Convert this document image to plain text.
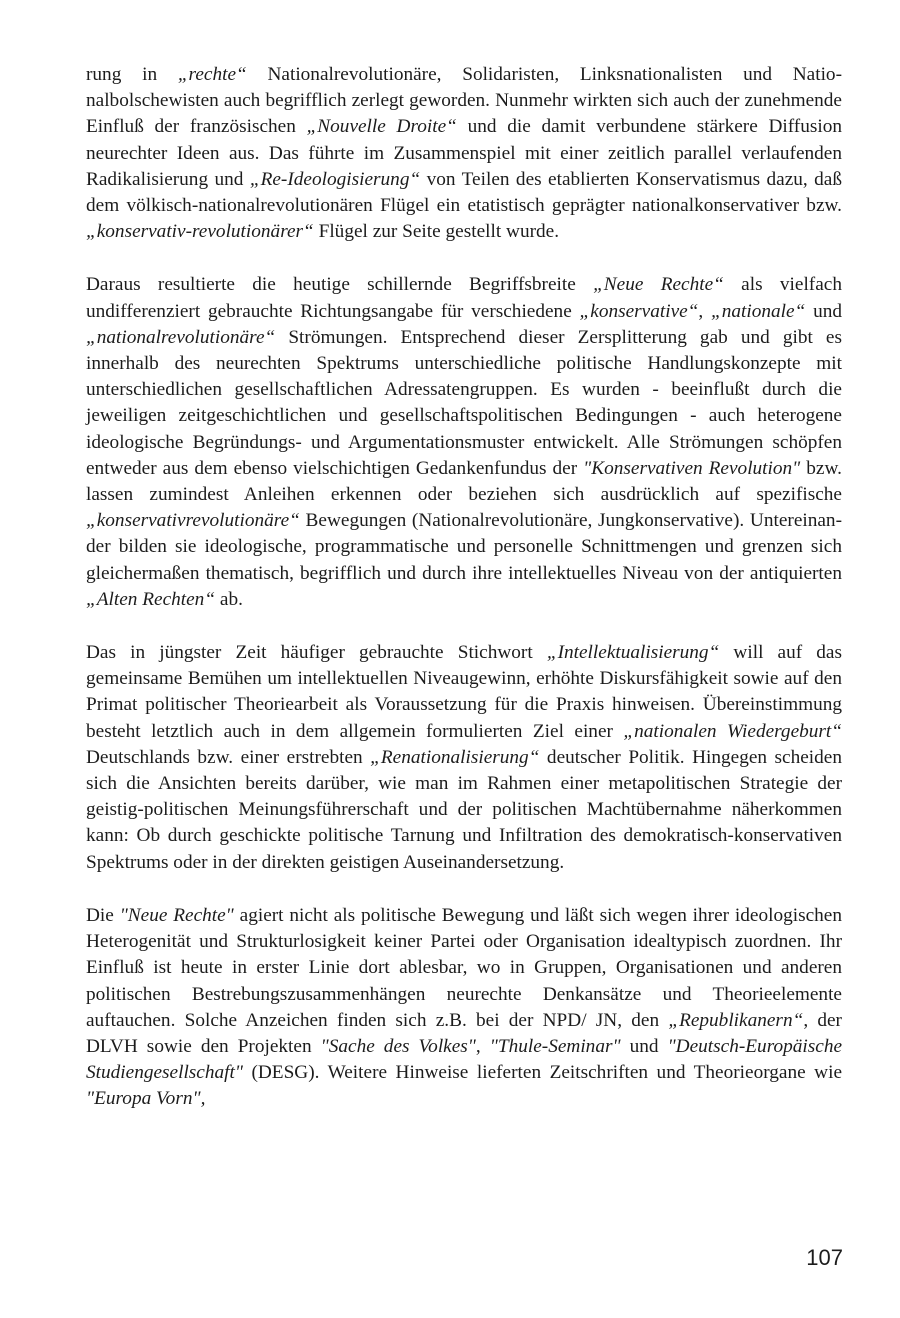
rung in „rechte“ Nationalrevolutionäre, Solidaristen, Linksnationalisten und Nationalbolschewisten auch begrifflich zerlegt geworden. Nunmehr wirkten sich auch der zunehmende Einfluß der französischen „Nouvelle Droite“ und die damit verbundene stärkere Diffusion neurechter Ideen aus. Das führte im Zusammenspiel mit einer zeitlich parallel verlaufenden Radikalisierung und „Re-Ideologisierung“ von Teilen des etablierten Konservatismus dazu, daß dem völkisch-nationalrevolutionären Flügel ein etatistisch geprägter nationalkonservativer bzw. „konservativ-revolutionärer“ Flügel zur Seite gestellt wurde.

Daraus resultierte die heutige schillernde Begriffsbreite „Neue Rechte“ als vielfach undifferenziert gebrauchte Richtungsangabe für verschiedene „konservative“, „nationale“ und „nationalrevolutionäre“ Strömungen. Entsprechend dieser Zersplitterung gab und gibt es innerhalb des neurechten Spektrums unterschiedliche politische Handlungskonzepte mit unterschiedlichen gesellschaftlichen Adressatengruppen. Es wurden - beeinflußt durch die jeweiligen zeitgeschichtlichen und gesellschaftspolitischen Bedingungen - auch heterogene ideologische Begründungs- und Argumentationsmuster entwickelt. Alle Strömungen schöpfen entweder aus dem ebenso vielschichtigen Gedankenfundus der "Konservativen Revolution" bzw. lassen zumindest Anleihen erkennen oder beziehen sich ausdrücklich auf spezifische „konservativrevolutionäre“ Bewegungen (Nationalrevolutionäre, Jungkonservative). Untereinander bilden sie ideologische, programmatische und personelle Schnittmengen und grenzen sich gleichermaßen thematisch, begrifflich und durch ihre intellektuelles Niveau von der antiquierten „Alten Rechten“ ab.

Das in jüngster Zeit häufiger gebrauchte Stichwort „Intellektualisierung“ will auf das gemeinsame Bemühen um intellektuellen Niveaugewinn, erhöhte Diskursfähigkeit sowie auf den Primat politischer Theoriearbeit als Voraussetzung für die Praxis hinweisen. Übereinstimmung besteht letztlich auch in dem allgemein formulierten Ziel einer „nationalen Wiedergeburt“ Deutschlands bzw. einer erstrebten „Renationalisierung“ deutscher Politik. Hingegen scheiden sich die Ansichten bereits darüber, wie man im Rahmen einer metapolitischen Strategie der geistig-politischen Meinungsführerschaft und der politischen Machtübernahme näherkommen kann: Ob durch geschickte politische Tarnung und Infiltration des demokratisch-konservativen Spektrums oder in der direkten geistigen Auseinandersetzung.

Die "Neue Rechte" agiert nicht als politische Bewegung und läßt sich wegen ihrer ideologischen Heterogenität und Strukturlosigkeit keiner Partei oder Organisation idealtypisch zuordnen. Ihr Einfluß ist heute in erster Linie dort ablesbar, wo in Gruppen, Organisationen und anderen politischen Bestrebungszusammenhängen neurechte Denkansätze und Theorieelemente auftauchen. Solche Anzeichen finden sich z.B. bei der NPD/ JN, den „Republikanern“, der DLVH sowie den Projekten "Sache des Volkes", "Thule-Seminar" und "Deutsch-Europäische Studiengesellschaft" (DESG). Weitere Hinweise lieferten Zeitschriften und Theorieorgane wie "Europa Vorn",

107
